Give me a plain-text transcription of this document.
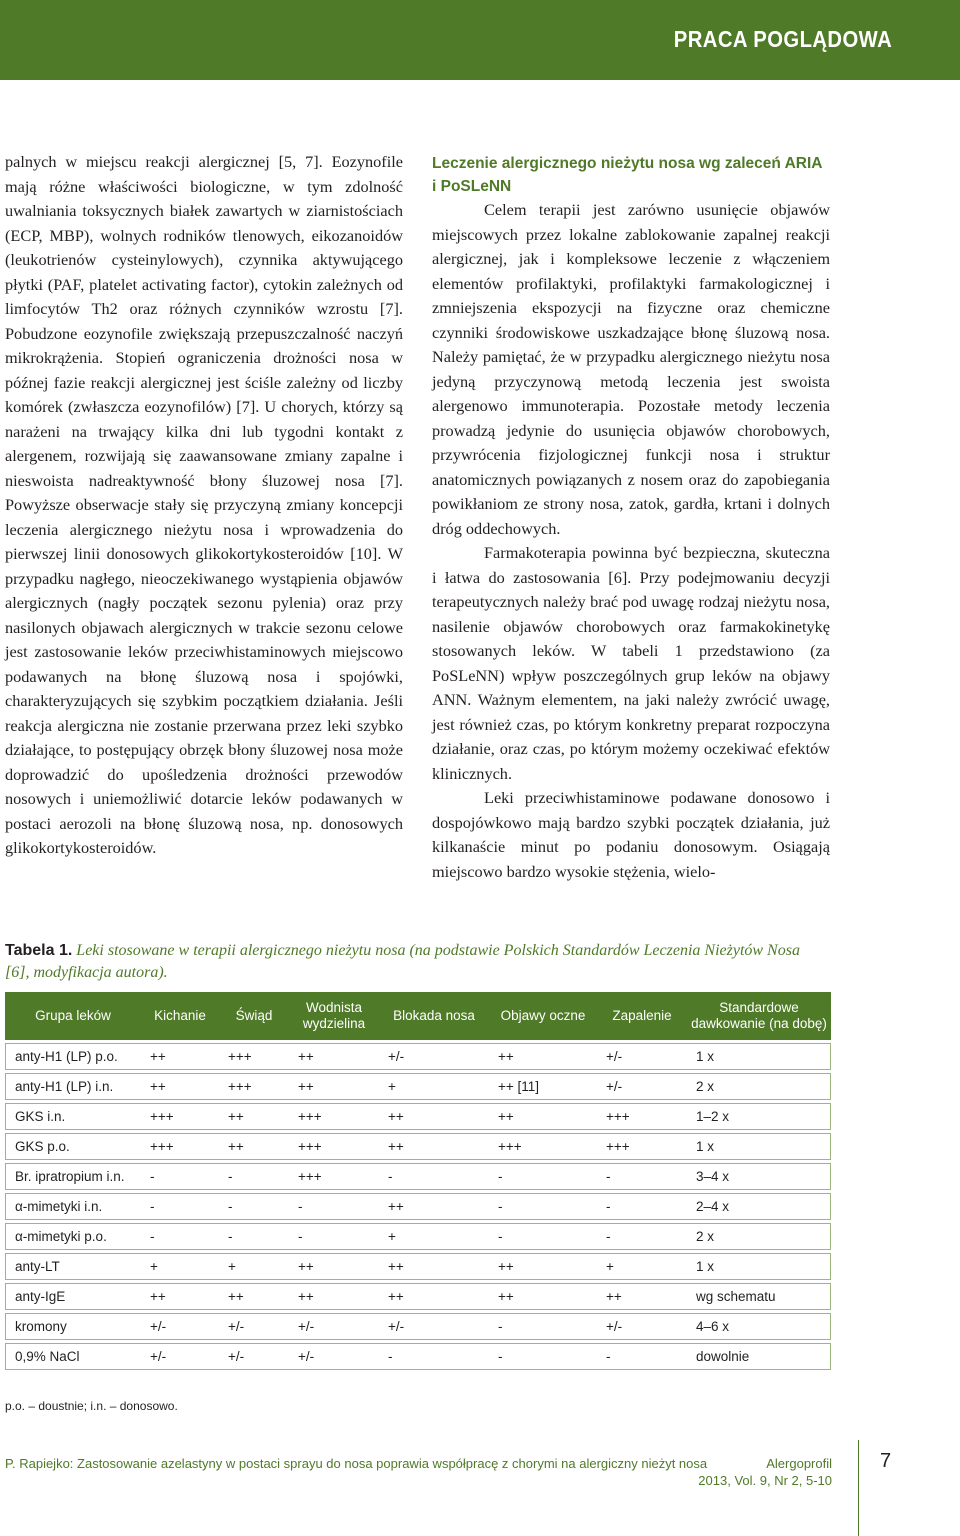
PRACA POGLĄDOWA

palnych w miejscu reakcji alergicznej [5, 7]. Eozynofile mają różne właściwości biologiczne, w tym zdolność uwalniania toksycznych białek zawartych w ziarnistościach (ECP, MBP), wolnych rodników tlenowych, eikozanoidów (leukotrienów cysteinylowych), czynnika aktywującego płytki (PAF, platelet activating factor), cytokin zależnych od limfocytów Th2 oraz różnych czynników wzrostu [7]. Pobudzone eozynofile zwiększają przepuszczalność naczyń mikrokrążenia. Stopień ograniczenia drożności nosa w późnej fazie reakcji alergicznej jest ściśle zależny od liczby komórek (zwłaszcza eozynofilów) [7]. U chorych, którzy są narażeni na trwający kilka dni lub tygodni kontakt z alergenem, rozwijają się zaawansowane zmiany zapalne i nieswoista nadreaktywność błony śluzowej nosa [7]. Powyższe obserwacje stały się przyczyną zmiany koncepcji leczenia alergicznego nieżytu nosa i wprowadzenia do pierwszej linii donosowych glikokortykosteroidów [10]. W przypadku nagłego, nieoczekiwanego wystąpienia objawów alergicznych (nagły początek sezonu pylenia) oraz przy nasilonych objawach alergicznych w trakcie sezonu celowe jest zastosowanie leków przeciwhistaminowych miejscowo podawanych na błonę śluzową nosa i spojówki, charakteryzujących się szybkim początkiem działania. Jeśli reakcja alergiczna nie zostanie przerwana przez leki szybko działające, to postępujący obrzęk błony śluzowej nosa może doprowadzić do upośledzenia drożności przewodów nosowych i uniemożliwić dotarcie leków podawanych w postaci aerozoli na błonę śluzową nosa, np. donosowych glikokortykosteroidów.

Leczenie alergicznego nieżytu nosa wg zaleceń ARIA i PoSLeNN

Celem terapii jest zarówno usunięcie objawów miejscowych przez lokalne zablokowanie zapalnej reakcji alergicznej, jak i kompleksowe leczenie z włączeniem elementów profilaktyki, profilaktyki farmakologicznej i zmniejszenia ekspozycji na fizyczne oraz chemiczne czynniki środowiskowe uszkadzające błonę śluzową nosa. Należy pamiętać, że w przypadku alergicznego nieżytu nosa jedyną przyczynową metodą leczenia jest swoista alergenowo immunoterapia. Pozostałe metody leczenia prowadzą jedynie do usunięcia objawów chorobowych, przywrócenia fizjologicznej funkcji nosa i struktur anatomicznych powiązanych z nosem oraz do zapobiegania powikłaniom ze strony nosa, zatok, gardła, krtani i dolnych dróg oddechowych.

Farmakoterapia powinna być bezpieczna, skuteczna i łatwa do zastosowania [6]. Przy podejmowaniu decyzji terapeutycznych należy brać pod uwagę rodzaj nieżytu nosa, nasilenie objawów chorobowych oraz farmakokinetykę stosowanych leków. W tabeli 1 przedstawiono (za PoSLeNN) wpływ poszczególnych grup leków na objawy ANN. Ważnym elementem, na jaki należy zwrócić uwagę, jest również czas, po którym konkretny preparat rozpoczyna działanie, oraz czas, po którym możemy oczekiwać efektów klinicznych.

Leki przeciwhistaminowe podawane donosowo i dospojówkowo mają bardzo szybki początek działania, już kilkanaście minut po podaniu donosowym. Osiągają miejscowo bardzo wysokie stężenia, wielo-

Tabela 1. Leki stosowane w terapii alergicznego nieżytu nosa (na podstawie Polskich Standardów Leczenia Nieżytów Nosa [6], modyfikacja autora).
Grupa leków	Kichanie	Świąd	Wodnista wydzielina	Blokada nosa	Objawy oczne	Zapalenie	Standardowe dawkowanie (na dobę)
anty-H1 (LP) p.o.	++	+++	++	+/-	++	+/-	1 x
anty-H1 (LP) i.n.	++	+++	++	+	++ [11]	+/-	2 x
GKS i.n.	+++	++	+++	++	++	+++	1–2 x
GKS p.o.	+++	++	+++	++	+++	+++	1 x
Br. ipratropium i.n.	-	-	+++	-	-	-	3–4 x
α-mimetyki i.n.	-	-	-	++	-	-	2–4 x
α-mimetyki p.o.	-	-	-	+	-	-	2 x
anty-LT	+	+	++	++	++	+	1 x
anty-IgE	++	++	++	++	++	++	wg schematu
kromony	+/-	+/-	+/-	+/-	-	+/-	4–6 x
0,9% NaCl	+/-	+/-	+/-	-	-	-	dowolnie
p.o. – doustnie; i.n. – donosowo.
P. Rapiejko: Zastosowanie azelastyny w postaci sprayu do nosa poprawia współpracę z chorymi na alergiczny nieżyt nosa	Alergoprofil
2013, Vol. 9, Nr 2, 5-10
7
